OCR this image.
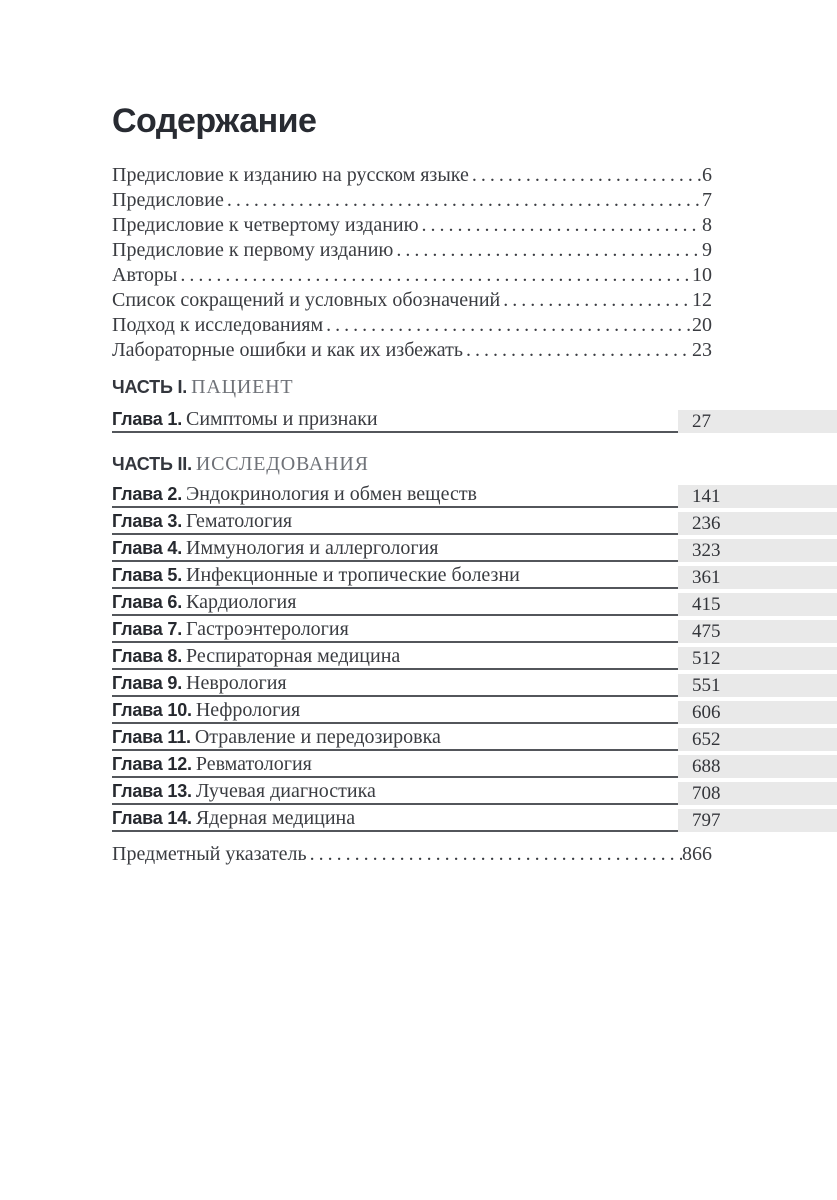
Содержание
Предисловие к изданию на русском языке .....	6
Предисловие .....	7
Предисловие к четвертому изданию .....	8
Предисловие к первому изданию .....	9
Авторы .....	10
Список сокращений и условных обозначений .....	12
Подход к исследованиям .....	20
Лабораторные ошибки и как их избежать .....	23
ЧАСТЬ I. ПАЦИЕНТ
Глава 1. Симптомы и признаки	27
ЧАСТЬ II. ИССЛЕДОВАНИЯ
Глава 2. Эндокринология и обмен веществ	141
Глава 3. Гематология	236
Глава 4. Иммунология и аллергология	323
Глава 5. Инфекционные и тропические болезни	361
Глава 6. Кардиология	415
Глава 7. Гастроэнтерология	475
Глава 8. Респираторная медицина	512
Глава 9. Неврология	551
Глава 10. Нефрология	606
Глава 11. Отравление и передозировка	652
Глава 12. Ревматология	688
Глава 13. Лучевая диагностика	708
Глава 14. Ядерная медицина	797
Предметный указатель .....	866
